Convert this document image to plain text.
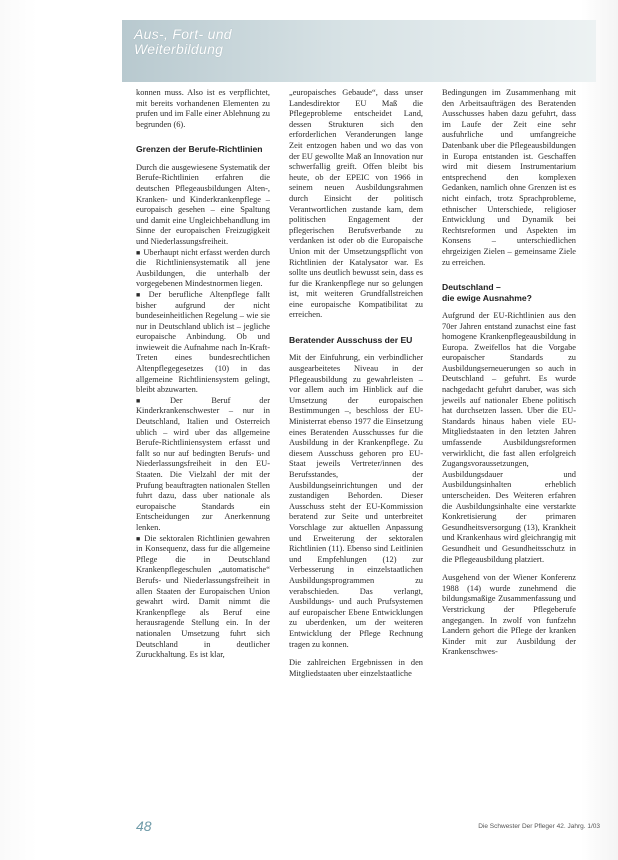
Aus-, Fort- und Weiterbildung

konnen muss. Also ist es verpflichtet, mit bereits vorhandenen Elementen zu prufen und im Falle einer Ablehnung zu begrunden (6).

Grenzen der Berufe-Richtlinien

Durch die ausgewiesene Systematik der Berufe-Richtlinien erfahren die deutschen Pflegeausbildungen Alten-, Kranken- und Kinderkrankenpflege – europaisch gesehen – eine Spaltung und damit eine Ungleichbehandlung im Sinne der europaischen Freizugigkeit und Niederlassungsfreiheit.

■ Uberhaupt nicht erfasst werden durch die Richtliniensystematik all jene Ausbildungen, die unterhalb der vorgegebenen Mindestnormen liegen.

■ Der berufliche Altenpflege fallt bisher aufgrund der nicht bundeseinheitlichen Regelung – wie sie nur in Deutschland ublich ist – jegliche europaische Anbindung. Ob und inwieweit die Aufnahme nach In-Kraft-Treten eines bundesrechtlichen Altenpflegegesetzes (10) in das allgemeine Richtliniensystem gelingt, bleibt abzuwarten.

■ Der Beruf der Kinderkrankenschwester – nur in Deutschland, Italien und Osterreich ublich – wird uber das allgemeine Berufe-Richtliniensystem erfasst und fallt so nur auf bedingten Berufs- und Niederlassungsfreiheit in den EU-Staaten. Die Vielzahl der mit der Prufung beauftragten nationalen Stellen fuhrt dazu, dass uber nationale als europaische Standards ein Entscheidungen zur Anerkennung lenken.

■ Die sektoralen Richtlinien gewahren in Konsequenz, dass fur die allgemeine Pflege die in Deutschland Krankenpflegeschulen „automatische“ Berufs- und Niederlassungsfreiheit in allen Staaten der Europaischen Union gewahrt wird. Damit nimmt die Krankenpflege als Beruf eine herausragende Stellung ein. In der nationalen Umsetzung fuhrt sich Deutschland in deutlicher Zuruckhaltung. Es ist klar,

„europaisches Gebaude“, dass unser Landesdirektor EU Maß die Pflegeprobleme entscheidet Land, dessen Strukturen sich den erforderlichen Veranderungen lange Zeit entzogen haben und wo das von der EU gewollte Maß an Innovation nur schwerfallig greift. Offen bleibt bis heute, ob der EPEIC von 1966 in seinem neuen Ausbildungsrahmen durch Einsicht der politisch Verantwortlichen zustande kam, dem politischen Engagement der pflegerischen Berufsverbande zu verdanken ist oder ob die Europaische Union mit der Umsetzungspflicht von Richtlinien der Katalysator war. Es sollte uns deutlich bewusst sein, dass es fur die Krankenpflege nur so gelungen ist, mit weiteren Grundfallstreichen eine europaische Kompatibilitat zu erreichen.

Beratender Ausschuss der EU

Mit der Einfuhrung, ein verbindlicher ausgearbeitetes Niveau in der Pflegeausbildung zu gewahrleisten – vor allem auch im Hinblick auf die Umsetzung der europaischen Bestimmungen –, beschloss der EU-Ministerrat ebenso 1977 die Einsetzung eines Beratenden Ausschusses fur die Ausbildung in der Krankenpflege. Zu diesem Ausschuss gehoren pro EU-Staat jeweils Vertreter/innen des Berufsstandes, der Ausbildungseinrichtungen und der zustandigen Behorden. Dieser Ausschuss steht der EU-Kommission beratend zur Seite und unterbreitet Vorschlage zur aktuellen Anpassung und Erweiterung der sektoralen Richtlinien (11). Ebenso sind Leitlinien und Empfehlungen (12) zur Verbesserung in einzelstaatlichen Ausbildungsprogrammen zu verabschieden. Das verlangt, Ausbildungs- und auch Prufsystemen auf europaischer Ebene Entwicklungen zu uberdenken, um der weiteren Entwicklung der Pflege Rechnung tragen zu konnen.

Die zahlreichen Ergebnissen in den Mitgliedstaaten uber einzelstaatliche

Bedingungen im Zusammenhang mit den Arbeitsaufträgen des Beratenden Ausschusses haben dazu gefuhrt, dass im Laufe der Zeit eine sehr ausfuhrliche und umfangreiche Datenbank uber die Pflegeausbildungen in Europa entstanden ist. Geschaffen wird mit diesem Instrumentarium entsprechend den komplexen Gedanken, namlich ohne Grenzen ist es nicht einfach, trotz Sprachprobleme, ethnischer Unterschiede, religioser Entwicklung und Dynamik bei Rechtsreformen und Aspekten im Konsens – unterschiedlichen ehrgeizigen Zielen – gemeinsame Ziele zu erreichen.

Deutschland –
die ewige Ausnahme?

Aufgrund der EU-Richtlinien aus den 70er Jahren entstand zunachst eine fast homogene Krankenpflegeausbildung in Europa. Zweifellos hat die Vorgabe europaischer Standards zu Ausbildungserneuerungen so auch in Deutschland – gefuhrt. Es wurde nachgedacht gefuhrt daruber, was sich jeweils auf nationaler Ebene politisch hat durchsetzen lassen. Uber die EU-Standards hinaus haben viele EU-Mitgliedstaaten in den letzten Jahren umfassende Ausbildungsreformen verwirklicht, die fast allen erfolgreich Zugangsvoraussetzungen, Ausbildungsdauer und Ausbildungsinhalten erheblich unterscheiden. Des Weiteren erfahren die Ausbildungsinhalte eine verstarkte Konkretisierung der primaren Gesundheitsversorgung (13), Krankheit und Krankenhaus wird gleichrangig mit Gesundheit und Gesundheitsschutz in die Pflegeausbildung platziert.

Ausgehend von der Wiener Konferenz 1988 (14) wurde zunehmend die bildungsmaßige Zusammenfassung und Verstrickung der Pflegeberufe angegangen. In zwolf von funfzehn Landern gehort die Pflege der kranken Kinder mit zur Ausbildung der Krankenschwes-

48	Die Schwester Der Pfleger 42. Jahrg. 1/03
